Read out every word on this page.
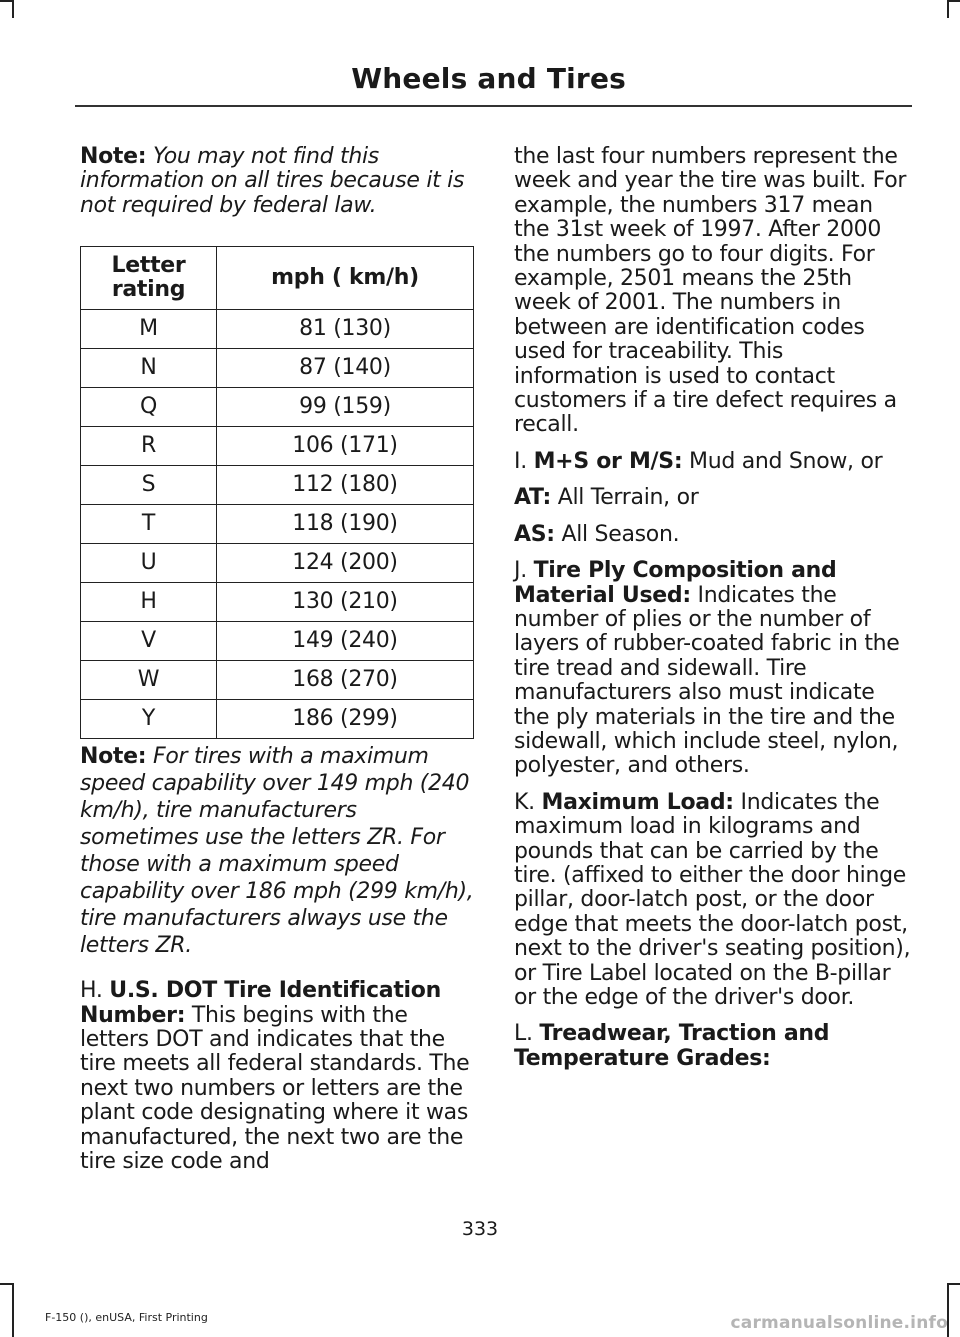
Wheels and Tires

Note: You may not find this information on all tires because it is not required by federal law.

Letter rating	mph ( km/h)
M	81 (130)
N	87 (140)
Q	99 (159)
R	106 (171)
S	112 (180)
T	118 (190)
U	124 (200)
H	130 (210)
V	149 (240)
W	168 (270)
Y	186 (299)

Note: For tires with a maximum speed capability over 149 mph (240 km/h), tire manufacturers sometimes use the letters ZR. For those with a maximum speed capability over 186 mph (299 km/h), tire manufacturers always use the letters ZR.

H. U.S. DOT Tire Identification Number: This begins with the letters DOT and indicates that the tire meets all federal standards. The next two numbers or letters are the plant code designating where it was manufactured, the next two are the tire size code and

the last four numbers represent the week and year the tire was built. For example, the numbers 317 mean the 31st week of 1997. After 2000 the numbers go to four digits. For example, 2501 means the 25th week of 2001. The numbers in between are identification codes used for traceability. This information is used to contact customers if a tire defect requires a recall.

I. M+S or M/S: Mud and Snow, or

AT: All Terrain, or

AS: All Season.

J. Tire Ply Composition and Material Used: Indicates the number of plies or the number of layers of rubber-coated fabric in the tire tread and sidewall. Tire manufacturers also must indicate the ply materials in the tire and the sidewall, which include steel, nylon, polyester, and others.

K. Maximum Load: Indicates the maximum load in kilograms and pounds that can be carried by the tire. (affixed to either the door hinge pillar, door-latch post, or the door edge that meets the door-latch post, next to the driver's seating position), or Tire Label located on the B-pillar or the edge of the driver's door.

L. Treadwear, Traction and Temperature Grades:

333
F-150 (), enUSA, First Printing	carmanualsonline.info
